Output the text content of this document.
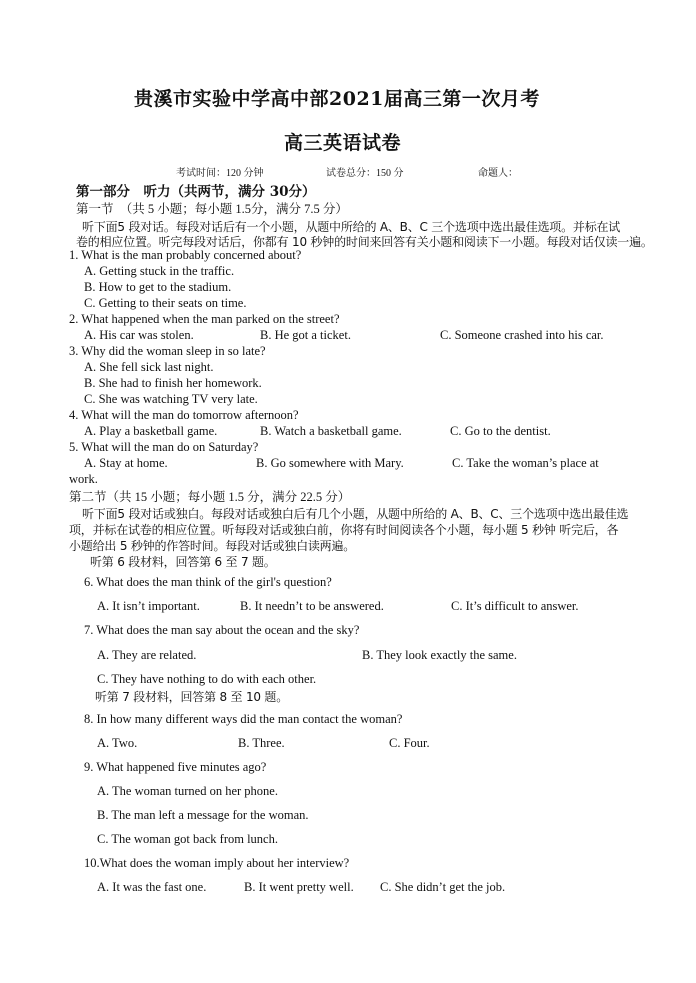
贵溪市实验中学高中部2021届高三第一次月考
高三英语试卷
考试时间：120 分钟	试卷总分：150 分	命题人：
第一部分　听力（共两节，满分 30分）
第一节　（共 5 小题；每小题 1.5分，满分 7.5 分）
听下面5 段对话。每段对话后有一个小题，从题中所给的 A、B、C 三个选项中选出最佳选项。并标在试
卷的相应位置。听完每段对话后，你都有 10 秒钟的时间来回答有关小题和阅读下一小题。每段对话仅读一遍。
1. What is the man probably concerned about?
A. Getting stuck in the traffic.
B. How to get to the stadium.
C. Getting to their seats on time.
2. What happened when the man parked on the street?
A. His car was stolen.	B. He got a ticket.	C. Someone crashed into his car.
3. Why did the woman sleep in so late?
A. She fell sick last night.
B. She had to finish her homework.
C. She was watching TV very late.
4. What will the man do tomorrow afternoon?
A. Play a basketball game.	B. Watch a basketball game.	C. Go to the dentist.
5. What will the man do on Saturday?
A. Stay at home.	B. Go somewhere with Mary.	C. Take the woman’s place at
work.
第二节（共 15 小题；每小题 1.5 分，满分 22.5 分）
听下面5 段对话或独白。每段对话或独白后有几个小题，从题中所给的 A、B、C、三个选项中选出最佳选
项，并标在试卷的相应位置。听每段对话或独白前，你将有时间阅读各个小题，每小题 5 秒钟 听完后，各
小题给出 5 秒钟的作答时间。每段对话或独白读两遍。
听第 6 段材料，回答第 6 至 7 题。
6. What does the man think of the girl's question?
A. It isn’t important.	B. It needn’t to be answered.	C. It’s difficult to answer.
7. What does the man say about the ocean and the sky?
A. They are related.	B. They look exactly the same.
C. They have nothing to do with each other.
听第 7 段材料，回答第 8 至 10 题。
8. In how many different ways did the man contact the woman?
A. Two.	B. Three.	C. Four.
9. What happened five minutes ago?
A. The woman turned on her phone.
B. The man left a message for the woman.
C. The woman got back from lunch.
10.What does the woman imply about her interview?
A. It was the fast one.	B. It went pretty well. C. She didn’t get the job.
